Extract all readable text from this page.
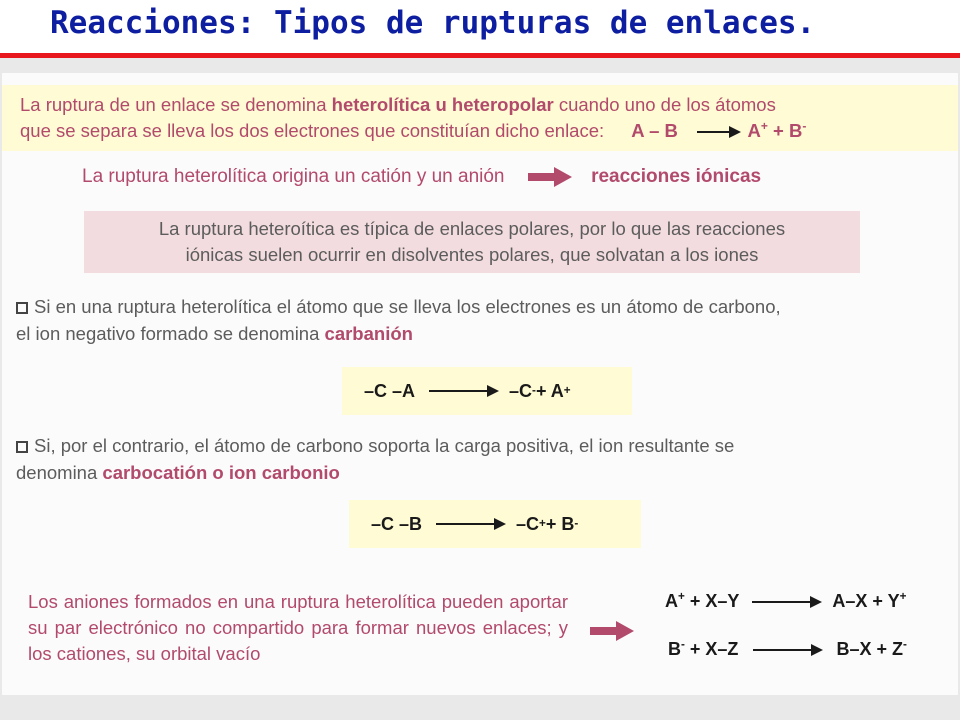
Reacciones: Tipos de rupturas de enlaces.
La ruptura de un enlace se denomina heterolítica u heteropolar cuando uno de los átomos
que se separa se lleva los dos electrones que constituían dicho enlace: A – B	A+ + B-
La ruptura heterolítica origina un catión y un anión	reacciones iónicas
La ruptura heteroítica es típica de enlaces polares, por lo que las reacciones
iónicas suelen ocurrir en disolventes polares, que solvatan a los iones
Si en una ruptura heterolítica el átomo que se lleva los electrones es un átomo de carbono,
el ion negativo formado se denomina carbanión
–C –A	–C - + A +
Si, por el contrario, el átomo de carbono soporta la carga positiva, el ion resultante se
denomina carbocatión o ion carbonio
–C –B	–C + + B -
Los aniones formados en una ruptura heterolítica pueden aportar su par electrónico no compartido para formar nuevos enlaces; y los cationes, su orbital vacío
A+ + X–Y	A–X + Y+
B- + X–Z	B–X + Z-
